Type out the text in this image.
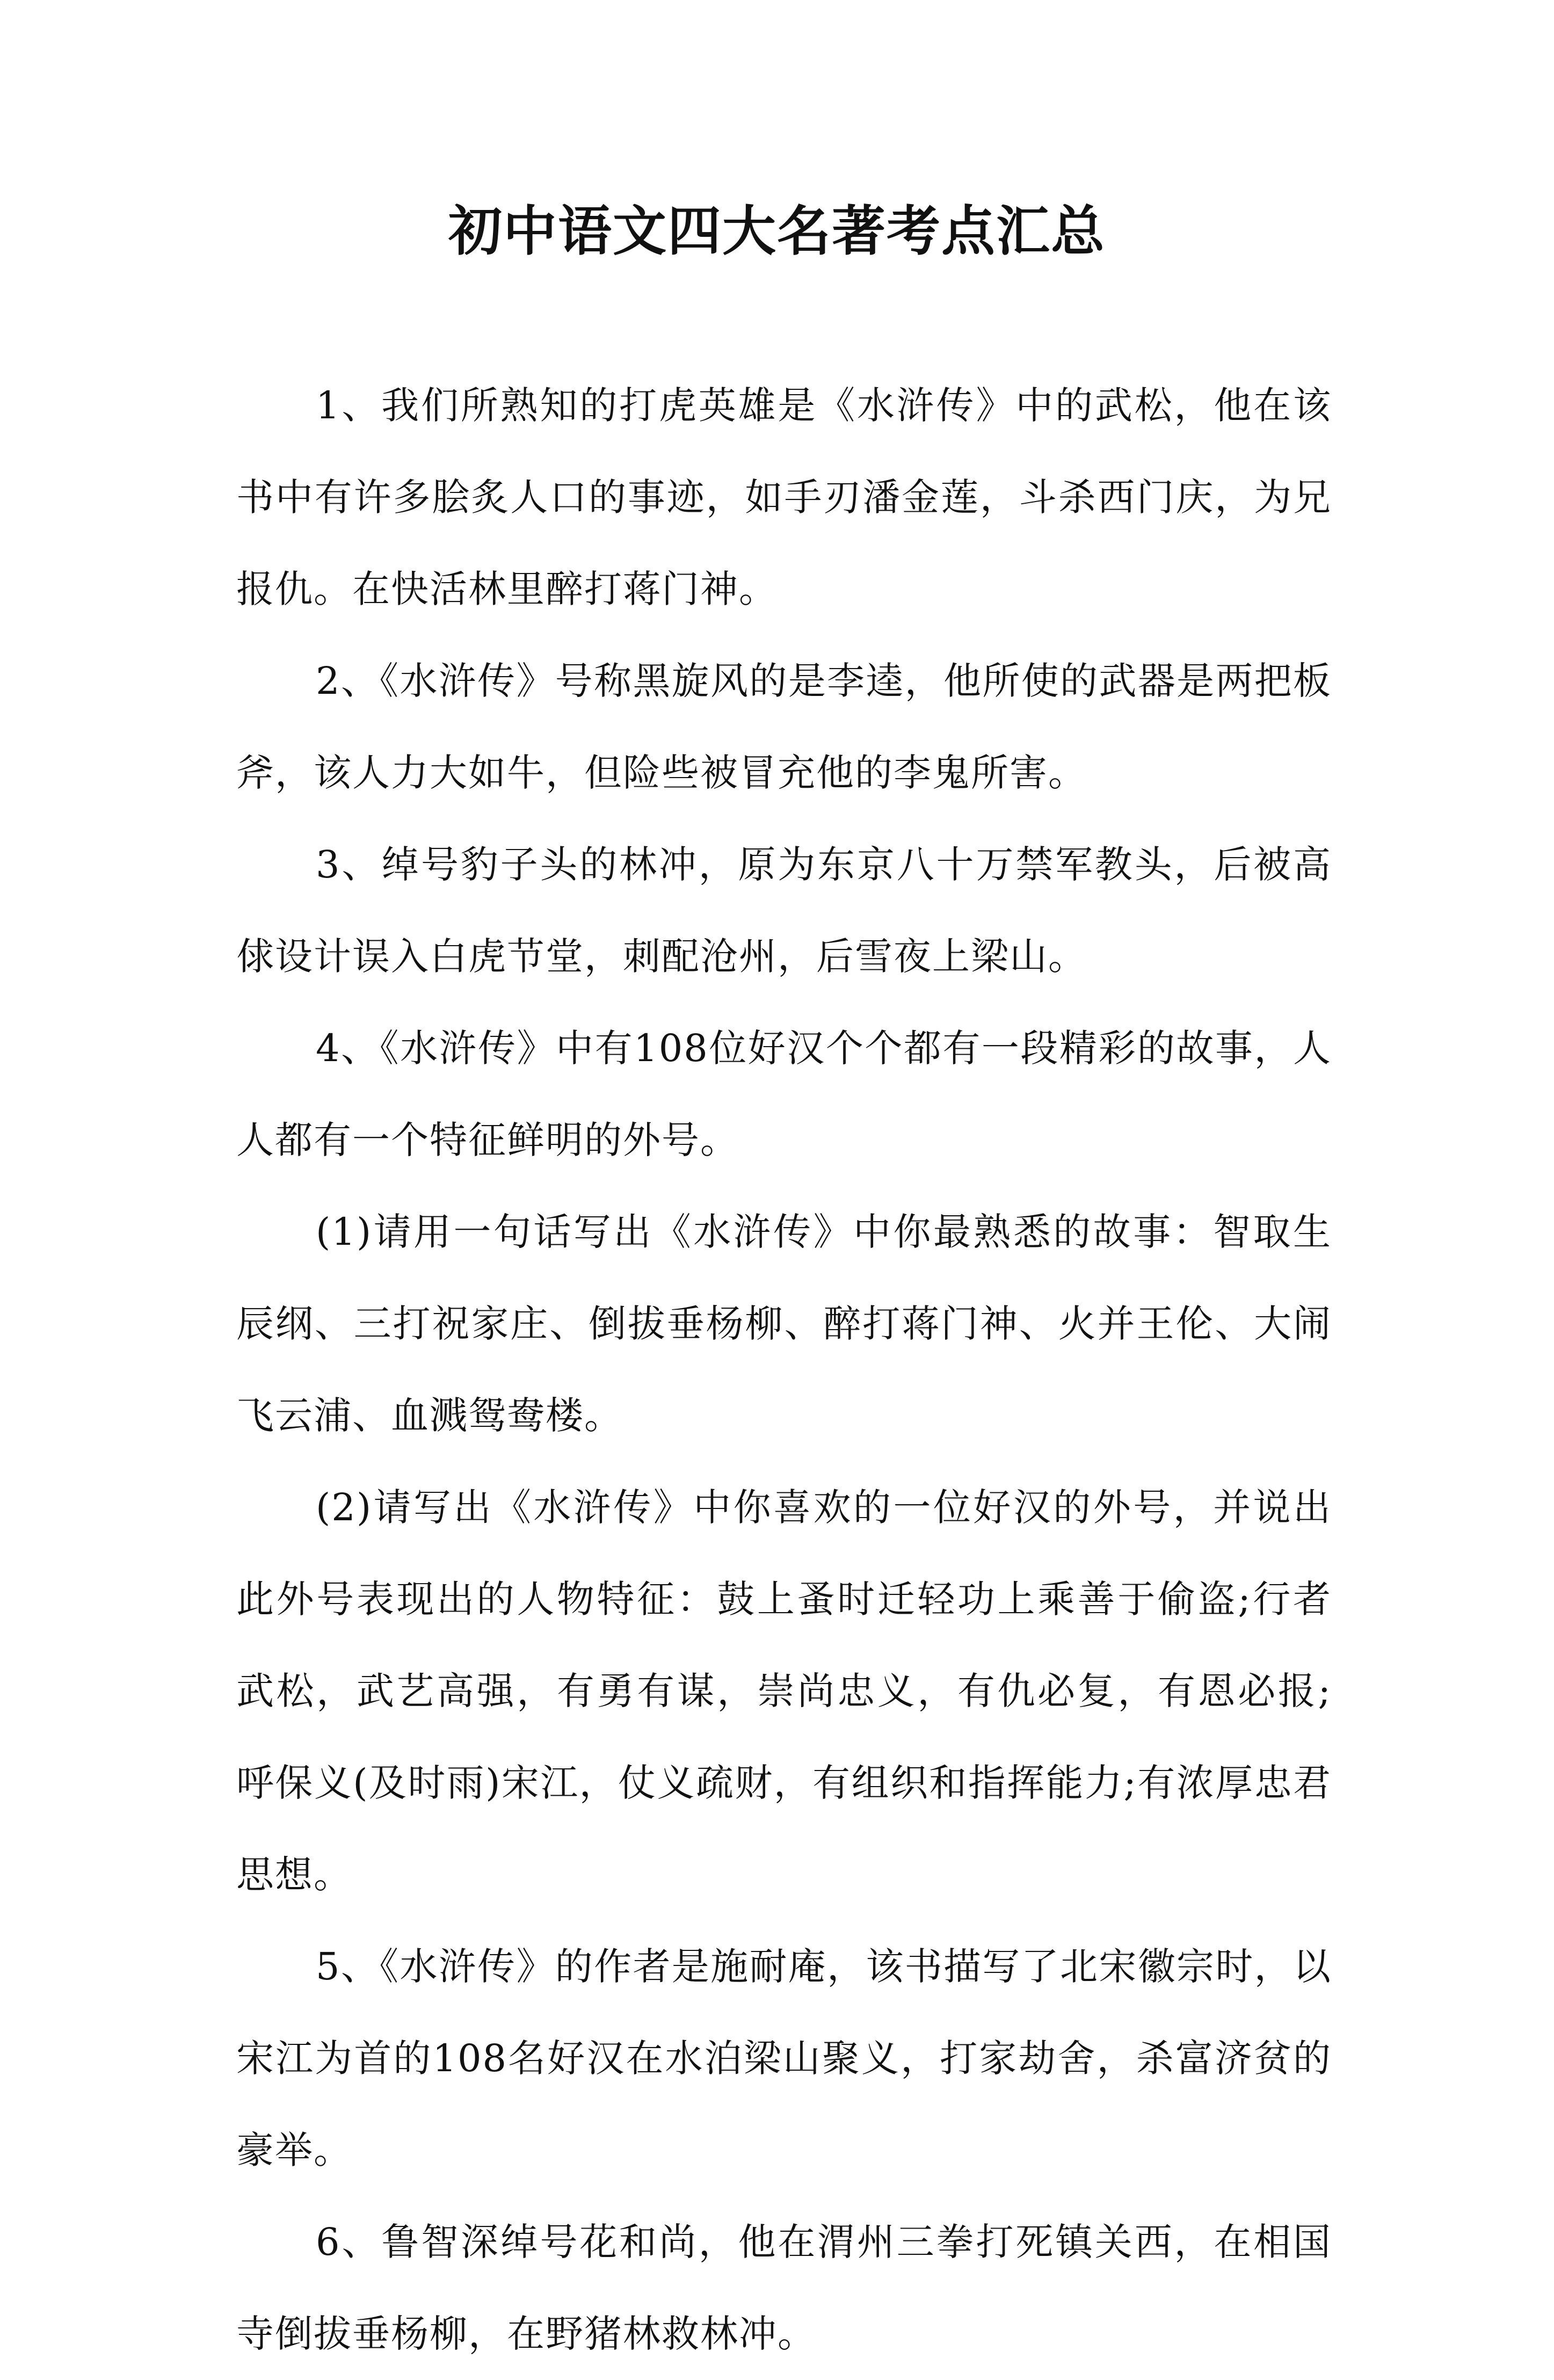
初中语文四大名著考点汇总

1、我们所熟知的打虎英雄是《水浒传》中的武松，他在该书中有许多脍炙人口的事迹，如手刃潘金莲，斗杀西门庆，为兄报仇。在快活林里醉打蒋门神。

2、《水浒传》号称黑旋风的是李逵，他所使的武器是两把板斧，该人力大如牛，但险些被冒充他的李鬼所害。

3、绰号豹子头的林冲，原为东京八十万禁军教头，后被高俅设计误入白虎节堂，刺配沧州，后雪夜上梁山。

4、《水浒传》中有108位好汉个个都有一段精彩的故事，人人都有一个特征鲜明的外号。

(1)请用一句话写出《水浒传》中你最熟悉的故事：智取生辰纲、三打祝家庄、倒拔垂杨柳、醉打蒋门神、火并王伦、大闹飞云浦、血溅鸳鸯楼。

(2)请写出《水浒传》中你喜欢的一位好汉的外号，并说出此外号表现出的人物特征：鼓上蚤时迁轻功上乘善于偷盗;行者武松，武艺高强，有勇有谋，崇尚忠义，有仇必复，有恩必报;呼保义(及时雨)宋江，仗义疏财，有组织和指挥能力;有浓厚忠君思想。

5、《水浒传》的作者是施耐庵，该书描写了北宋徽宗时，以宋江为首的108名好汉在水泊梁山聚义，打家劫舍，杀富济贫的豪举。

6、鲁智深绰号花和尚，他在渭州三拳打死镇关西，在相国寺倒拔垂杨柳，在野猪林救林冲。
